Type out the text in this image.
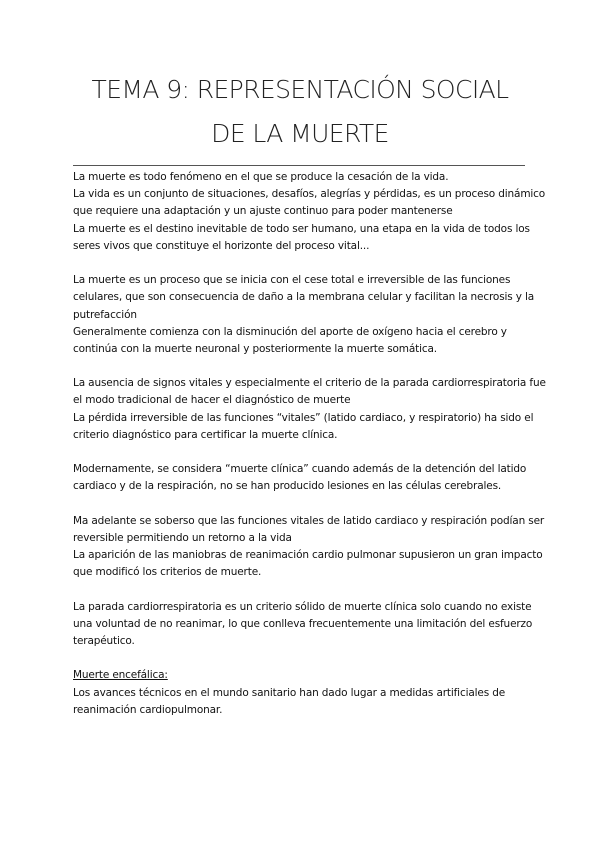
TEMA 9: REPRESENTACIÓN SOCIAL
DE LA MUERTE
La muerte es todo fenómeno en el que se produce la cesación de la vida.
La vida es un conjunto de situaciones, desafíos, alegrías y pérdidas, es un proceso dinámico
que requiere una adaptación y un ajuste continuo para poder mantenerse
La muerte es el destino inevitable de todo ser humano, una etapa en la vida de todos los
seres vivos que constituye el horizonte del proceso vital...
La muerte es un proceso que se inicia con el cese total e irreversible de las funciones
celulares, que son consecuencia de daño a la membrana celular y facilitan la necrosis y la
putrefacción
Generalmente comienza con la disminución del aporte de oxígeno hacia el cerebro y
continúa con la muerte neuronal y posteriormente la muerte somática.
La ausencia de signos vitales y especialmente el criterio de la parada cardiorrespiratoria fue
el modo tradicional de hacer el diagnóstico de muerte
La pérdida irreversible de las funciones “vitales” (latido cardiaco, y respiratorio) ha sido el
criterio diagnóstico para certificar la muerte clínica.
Modernamente, se considera “muerte clínica” cuando además de la detención del latido
cardiaco y de la respiración, no se han producido lesiones en las células cerebrales.
Ma adelante se soberso que las funciones vitales de latido cardiaco y respiración podían ser
reversible permitiendo un retorno a la vida
La aparición de las maniobras de reanimación cardio pulmonar supusieron un gran impacto
que modificó los criterios de muerte.
La parada cardiorrespiratoria es un criterio sólido de muerte clínica solo cuando no existe
una voluntad de no reanimar, lo que conlleva frecuentemente una limitación del esfuerzo
terapéutico.
Muerte encefálica:
Los avances técnicos en el mundo sanitario han dado lugar a medidas artificiales de
reanimación cardiopulmonar.
